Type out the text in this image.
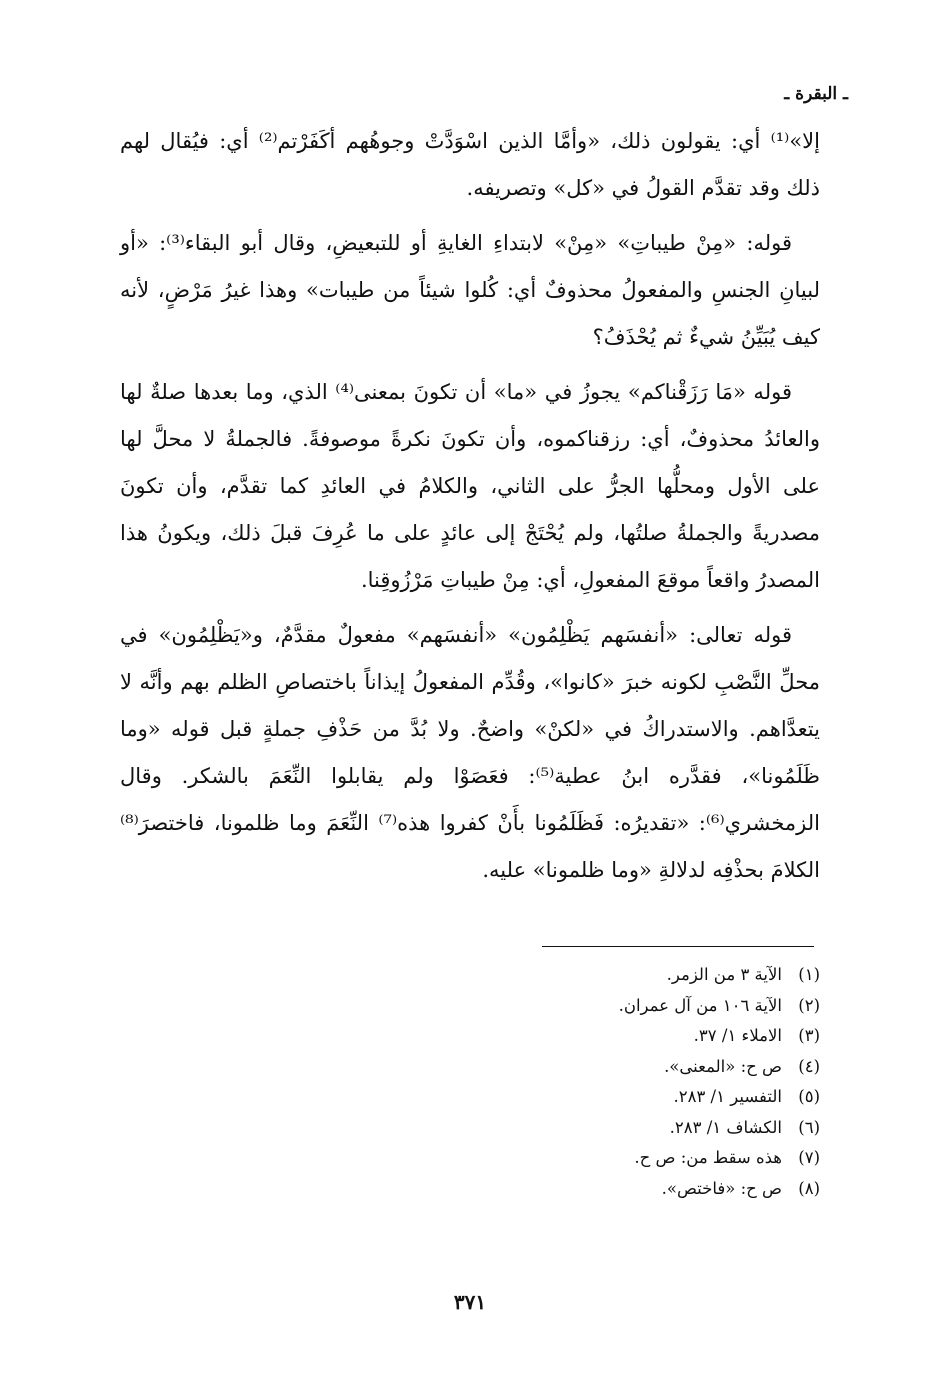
ـ البقرة ـ

إلا»⁽¹⁾ أي: يقولون ذلك، «وأمَّا الذين اسْوَدَّتْ وجوهُهم أكَفَرْتم⁽²⁾ أي: فيُقال لهم ذلك وقد تقدَّم القولُ في «كل» وتصريفه.

قوله: «مِنْ طيباتِ» «مِنْ» لابتداءِ الغايةِ أو للتبعيضِ، وقال أبو البقاء⁽³⁾: «أو لبيانِ الجنسِ والمفعولُ محذوفٌ أي: كُلوا شيئاً من طيبات» وهذا غيرُ مَرْضٍ، لأنه كيف يُبَيِّنُ شيءٌ ثم يُحْذَفُ؟

قوله «مَا رَزَقْناكم» يجوزُ في «ما» أن تكونَ بمعنى⁽⁴⁾ الذي، وما بعدها صلةٌ لها والعائدُ محذوفٌ، أي: رزقناكموه، وأن تكونَ نكرةً موصوفةً. فالجملةُ لا محلَّ لها على الأول ومحلُّها الجرُّ على الثاني، والكلامُ في العائدِ كما تقدَّم، وأن تكونَ مصدريةً والجملةُ صلتُها، ولم يُحْتَجْ إلى عائدٍ على ما عُرِفَ قبلَ ذلك، ويكونُ هذا المصدرُ واقعاً موقعَ المفعولِ، أي: مِنْ طيباتِ مَرْزُوقِنا.

قوله تعالى: «أنفسَهم يَظْلِمُون» «أنفسَهم» مفعولٌ مقدَّمٌ، و«يَظْلِمُون» في محلِّ النَّصْبِ لكونه خبرَ «كانوا»، وقُدِّم المفعولُ إيذاناً باختصاصِ الظلم بهم وأنَّه لا يتعدَّاهم. والاستدراكُ في «لكنْ» واضحٌ. ولا بُدَّ من حَذْفِ جملةٍ قبل قوله «وما ظَلَمُونا»، فقدَّره ابنُ عطية⁽⁵⁾: فعَصَوْا ولم يقابلوا النِّعَمَ بالشكر. وقال الزمخشري⁽⁶⁾: «تقديرُه: فَظَلَمُونا بأَنْ كفروا هذه⁽⁷⁾ النِّعَمَ وما ظلمونا، فاختصرَ⁽⁸⁾ الكلامَ بحذْفِه لدلالةِ «وما ظلمونا» عليه.

(١)
الآية ٣ من الزمر.
(٢)
الآية ١٠٦ من آل عمران.
(٣)
الاملاء ١/ ٣٧.
(٤)
ص ح: «المعنى».
(٥)
التفسير ١/ ٢٨٣.
(٦)
الكشاف ١/ ٢٨٣.
(٧)
هذه سقط من: ص ح.
(٨)
ص ح: «فاختص».
٣٧١
